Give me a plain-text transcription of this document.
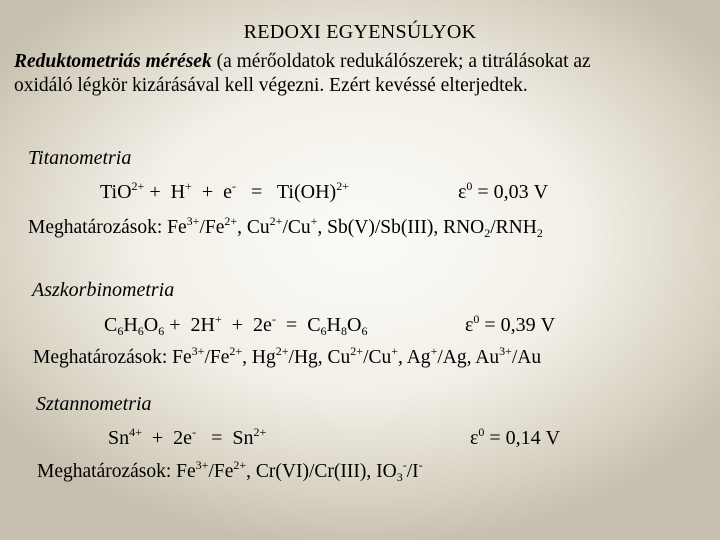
REDOXI EGYENSÚLYOK
Reduktometriás mérések (a mérőoldatok redukálószerek; a titrálásokat az oxidáló légkör kizárásával kell végezni. Ezért kevéssé elterjedtek.
Titanometria
TiO$^{2+}$ +  H+  +  e-   =   Ti(OH)$^{2+}$	$\varepsilon^0 = 0,03$ V
Meghatározások: $Fe^{3+}/Fe^{2+}$, $Cu^{2+}/Cu^+$, Sb(V)/Sb(III), $RNO_2/RNH_2$
Aszkorbinometria
$C_6H_6O_6 + 2H^+ + 2e^- = C_6H_8O_6$	$\varepsilon^0 = 0,39$ V
Meghatározások: $Fe^{3+}/Fe^{2+}$, $Hg^{2+}/Hg$, $Cu^{2+}/Cu^+$, Ag+/Ag, $Au^{3+}/Au$
Sztannometria
$Sn^{4+} + 2e^- = Sn^{2+}$	$\varepsilon^0 = 0,14$ V
Meghatározások: $Fe^{3+}/Fe^{2+}$, Cr(VI)/Cr(III), $IO_3^-/I^-$
